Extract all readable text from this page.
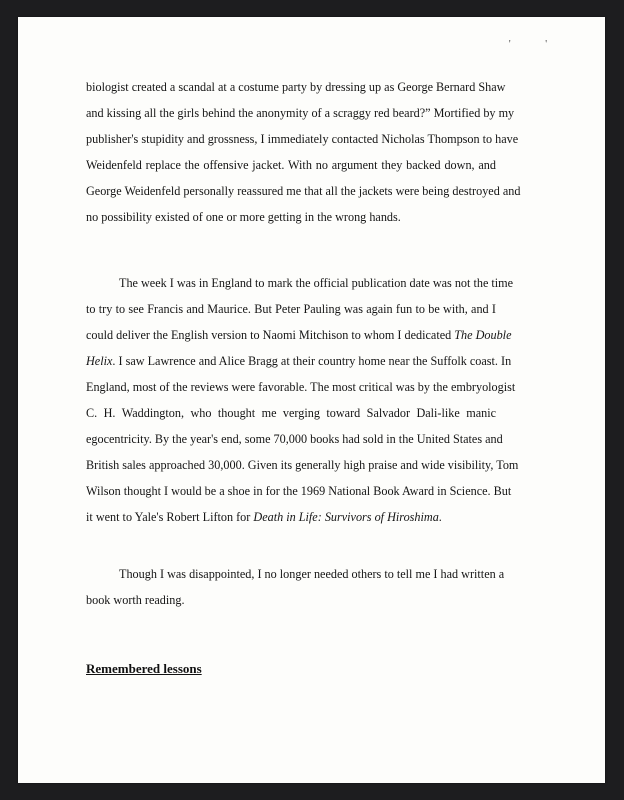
' '
biologist created a scandal at a costume party by dressing up as George Bernard Shaw
and kissing all the girls behind the anonymity of a scraggy red beard?” Mortified by my
publisher's stupidity and grossness, I immediately contacted Nicholas Thompson to have
Weidenfeld replace the offensive jacket. With no argument they backed down, and
George Weidenfeld personally reassured me that all the jackets were being destroyed and
no possibility existed of one or more getting in the wrong hands.
The week I was in England to mark the official publication date was not the time
to try to see Francis and Maurice. But Peter Pauling was again fun to be with, and I
could deliver the English version to Naomi Mitchison to whom I dedicated The Double
Helix. I saw Lawrence and Alice Bragg at their country home near the Suffolk coast. In
England, most of the reviews were favorable. The most critical was by the embryologist
C. H. Waddington, who thought me verging toward Salvador Dali-like manic
egocentricity. By the year's end, some 70,000 books had sold in the United States and
British sales approached 30,000. Given its generally high praise and wide visibility, Tom
Wilson thought I would be a shoe in for the 1969 National Book Award in Science. But
it went to Yale's Robert Lifton for Death in Life: Survivors of Hiroshima.
Though I was disappointed, I no longer needed others to tell me I had written a
book worth reading.
Remembered lessons
